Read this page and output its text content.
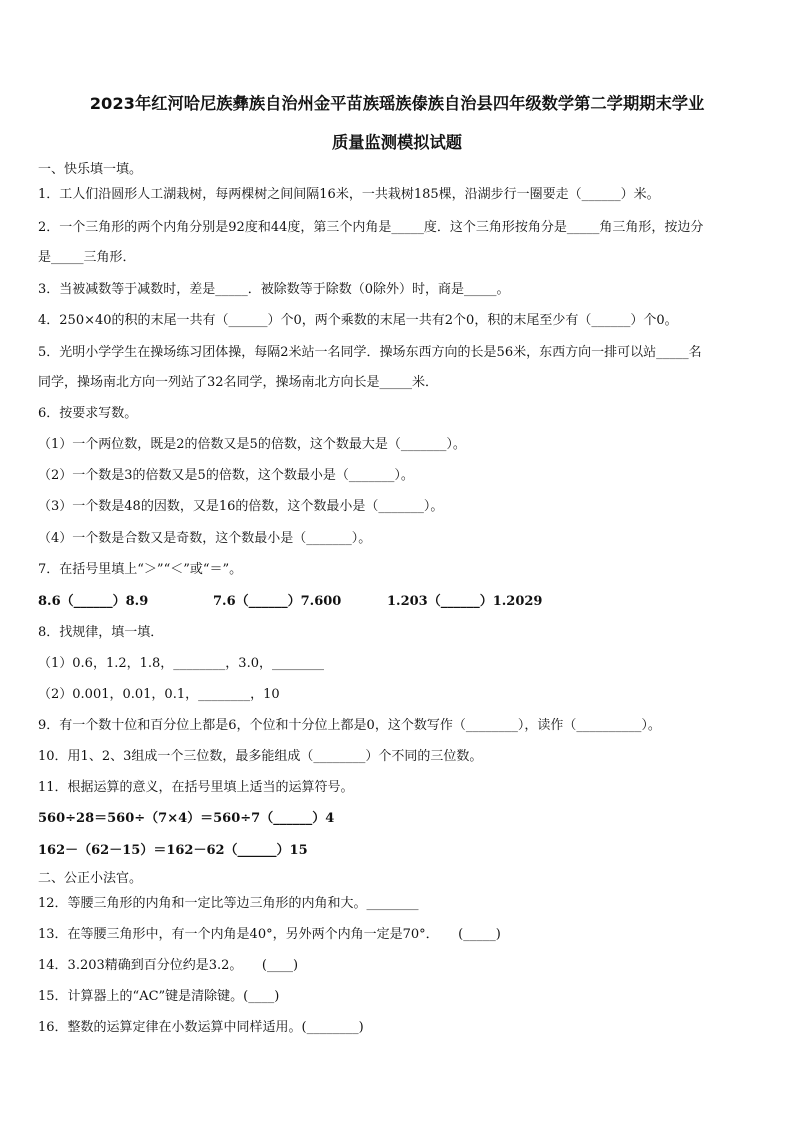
2023年红河哈尼族彝族自治州金平苗族瑶族傣族自治县四年级数学第二学期期末学业
质量监测模拟试题
一、快乐填一填。
1．工人们沿圆形人工湖栽树，每两棵树之间间隔16米，一共栽树185棵，沿湖步行一圈要走（______）米。
2．一个三角形的两个内角分别是92度和44度，第三个内角是_____度．这个三角形按角分是_____角三角形，按边分
是_____三角形．
3．当被减数等于减数时，差是_____．被除数等于除数（0除外）时，商是_____。
4．250×40的积的末尾一共有（______）个0，两个乘数的末尾一共有2个0，积的末尾至少有（______）个0。
5．光明小学学生在操场练习团体操，每隔2米站一名同学．操场东西方向的长是56米，东西方向一排可以站_____名
同学，操场南北方向一列站了32名同学，操场南北方向长是_____米．
6．按要求写数。
（1）一个两位数，既是2的倍数又是5的倍数，这个数最大是（_______）。
（2）一个数是3的倍数又是5的倍数，这个数最小是（_______）。
（3）一个数是48的因数，又是16的倍数，这个数最小是（_______）。
（4）一个数是合数又是奇数，这个数最小是（_______）。
7．在括号里填上“＞”“＜”或“＝”。
8.6（______）8.9	7.6（______）7.600	1.203（______）1.2029
8．找规律，填一填．
（1）0.6，1.2，1.8，________，3.0，________
（2）0.001，0.01，0.1，________，10
9．有一个数十位和百分位上都是6，个位和十分位上都是0，这个数写作（________），读作（__________）。
10．用1、2、3组成一个三位数，最多能组成（________）个不同的三位数。
11．根据运算的意义，在括号里填上适当的运算符号。
560÷28＝560÷（7×4）＝560÷7（______）4
162－（62－15）＝162－62（______）15
二、公正小法官。
12．等腰三角形的内角和一定比等边三角形的内角和大。________
13．在等腰三角形中，有一个内角是40°，另外两个内角一定是70°．　　(_____)
14．3.203精确到百分位约是3.2。　　(____)
15．计算器上的“AC”键是清除键。(____)
16．整数的运算定律在小数运算中同样适用。(________)
